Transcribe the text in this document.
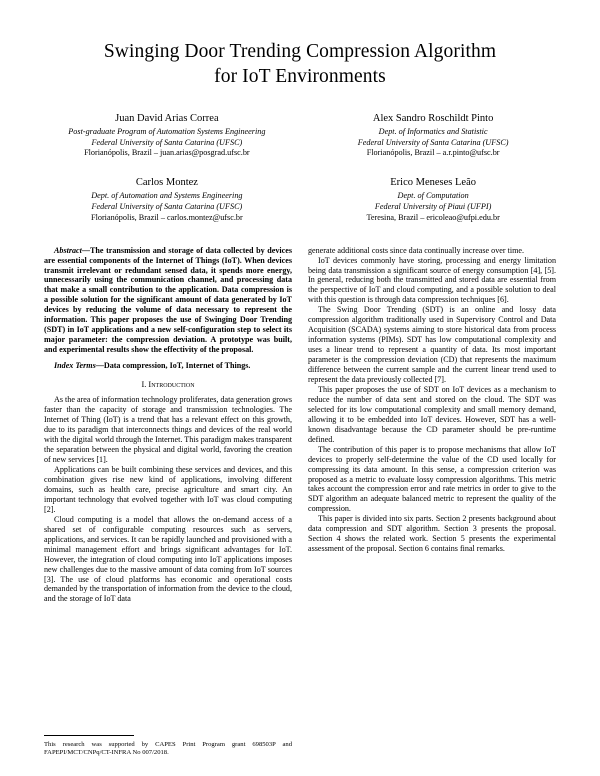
Swinging Door Trending Compression Algorithm
for IoT Environments
Juan David Arias Correa
Post-graduate Program of Automation Systems Engineering
Federal University of Santa Catarina (UFSC)
Florianópolis, Brazil – juan.arias@posgrad.ufsc.br
Alex Sandro Roschildt Pinto
Dept. of Informatics and Statistic
Federal University of Santa Catarina (UFSC)
Florianópolis, Brazil – a.r.pinto@ufsc.br
Carlos Montez
Dept. of Automation and Systems Engineering
Federal University of Santa Catarina (UFSC)
Florianópolis, Brazil – carlos.montez@ufsc.br
Erico Meneses Leão
Dept. of Computation
Federal University of Piaui (UFPI)
Teresina, Brazil – ericoleao@ufpi.edu.br

Abstract—The transmission and storage of data collected by devices are essential components of the Internet of Things (IoT). When devices transmit irrelevant or redundant sensed data, it spends more energy, unnecessarily using the communication channel, and processing data that make a small contribution to the application. Data compression is a possible solution for the significant amount of data generated by IoT devices by reducing the volume of data necessary to represent the information. This paper proposes the use of Swinging Door Trending (SDT) in IoT applications and a new self-configuration step to select its major parameter: the compression deviation. A prototype was built, and experimental results show the effectivity of the proposal.

Index Terms—Data compression, IoT, Internet of Things.

I. Introduction

As the area of information technology proliferates, data generation grows faster than the capacity of storage and transmission technologies. The Internet of Thing (IoT) is a trend that has a relevant effect on this growth, due to its paradigm that interconnects things and devices of the real world with the digital world through the Internet. This paradigm makes transparent the separation between the physical and digital world, favoring the creation of new services [1].

Applications can be built combining these services and devices, and this combination gives rise new kind of applications, involving different domains, such as health care, precise agriculture and smart city. An important technology that evolved together with IoT was cloud computing [2].

Cloud computing is a model that allows the on-demand access of a shared set of configurable computing resources such as servers, applications, and services. It can be rapidly launched and provisioned with a minimal management effort and brings significant advantages for IoT. However, the integration of cloud computing into IoT applications imposes new challenges due to the massive amount of data coming from IoT sources [3]. The use of cloud platforms has economic and operational costs demanded by the transportation of information from the device to the cloud, and the storage of IoT data

generate additional costs since data continually increase over time.

IoT devices commonly have storing, processing and energy limitation being data transmission a significant source of energy consumption [4], [5]. In general, reducing both the transmitted and stored data are essential from the perspective of IoT and cloud computing, and a possible solution to deal with this question is through data compression techniques [6].

The Swing Door Trending (SDT) is an online and lossy data compression algorithm traditionally used in Supervisory Control and Data Acquisition (SCADA) systems aiming to store historical data from process information systems (PIMs). SDT has low computational complexity and uses a linear trend to represent a quantity of data. Its most important parameter is the compression deviation (CD) that represents the maximum difference between the current sample and the current linear trend used to represent the data previously collected [7].

This paper proposes the use of SDT on IoT devices as a mechanism to reduce the number of data sent and stored on the cloud. The SDT was selected for its low computational complexity and small memory demand, allowing it to be embedded into IoT devices. However, SDT has a well-known disadvantage because the CD parameter should be pre-runtime defined.

The contribution of this paper is to propose mechanisms that allow IoT devices to properly self-determine the value of the CD used locally for compressing its data amount. In this sense, a compression criterion was proposed as a metric to evaluate lossy compression algorithms. This metric takes account the compression error and rate metrics in order to give to the SDT algorithm an adequate balanced metric to represent the quality of the compression.

This paper is divided into six parts. Section 2 presents background about data compression and SDT algorithm. Section 3 presents the proposal. Section 4 shows the related work. Section 5 presents the experimental assessment of the proposal. Section 6 contains final remarks.

This research was supported by CAPES Print Program grant 698503P and FAPEPI/MCT/CNPq/CT-INFRA No 007/2018.
